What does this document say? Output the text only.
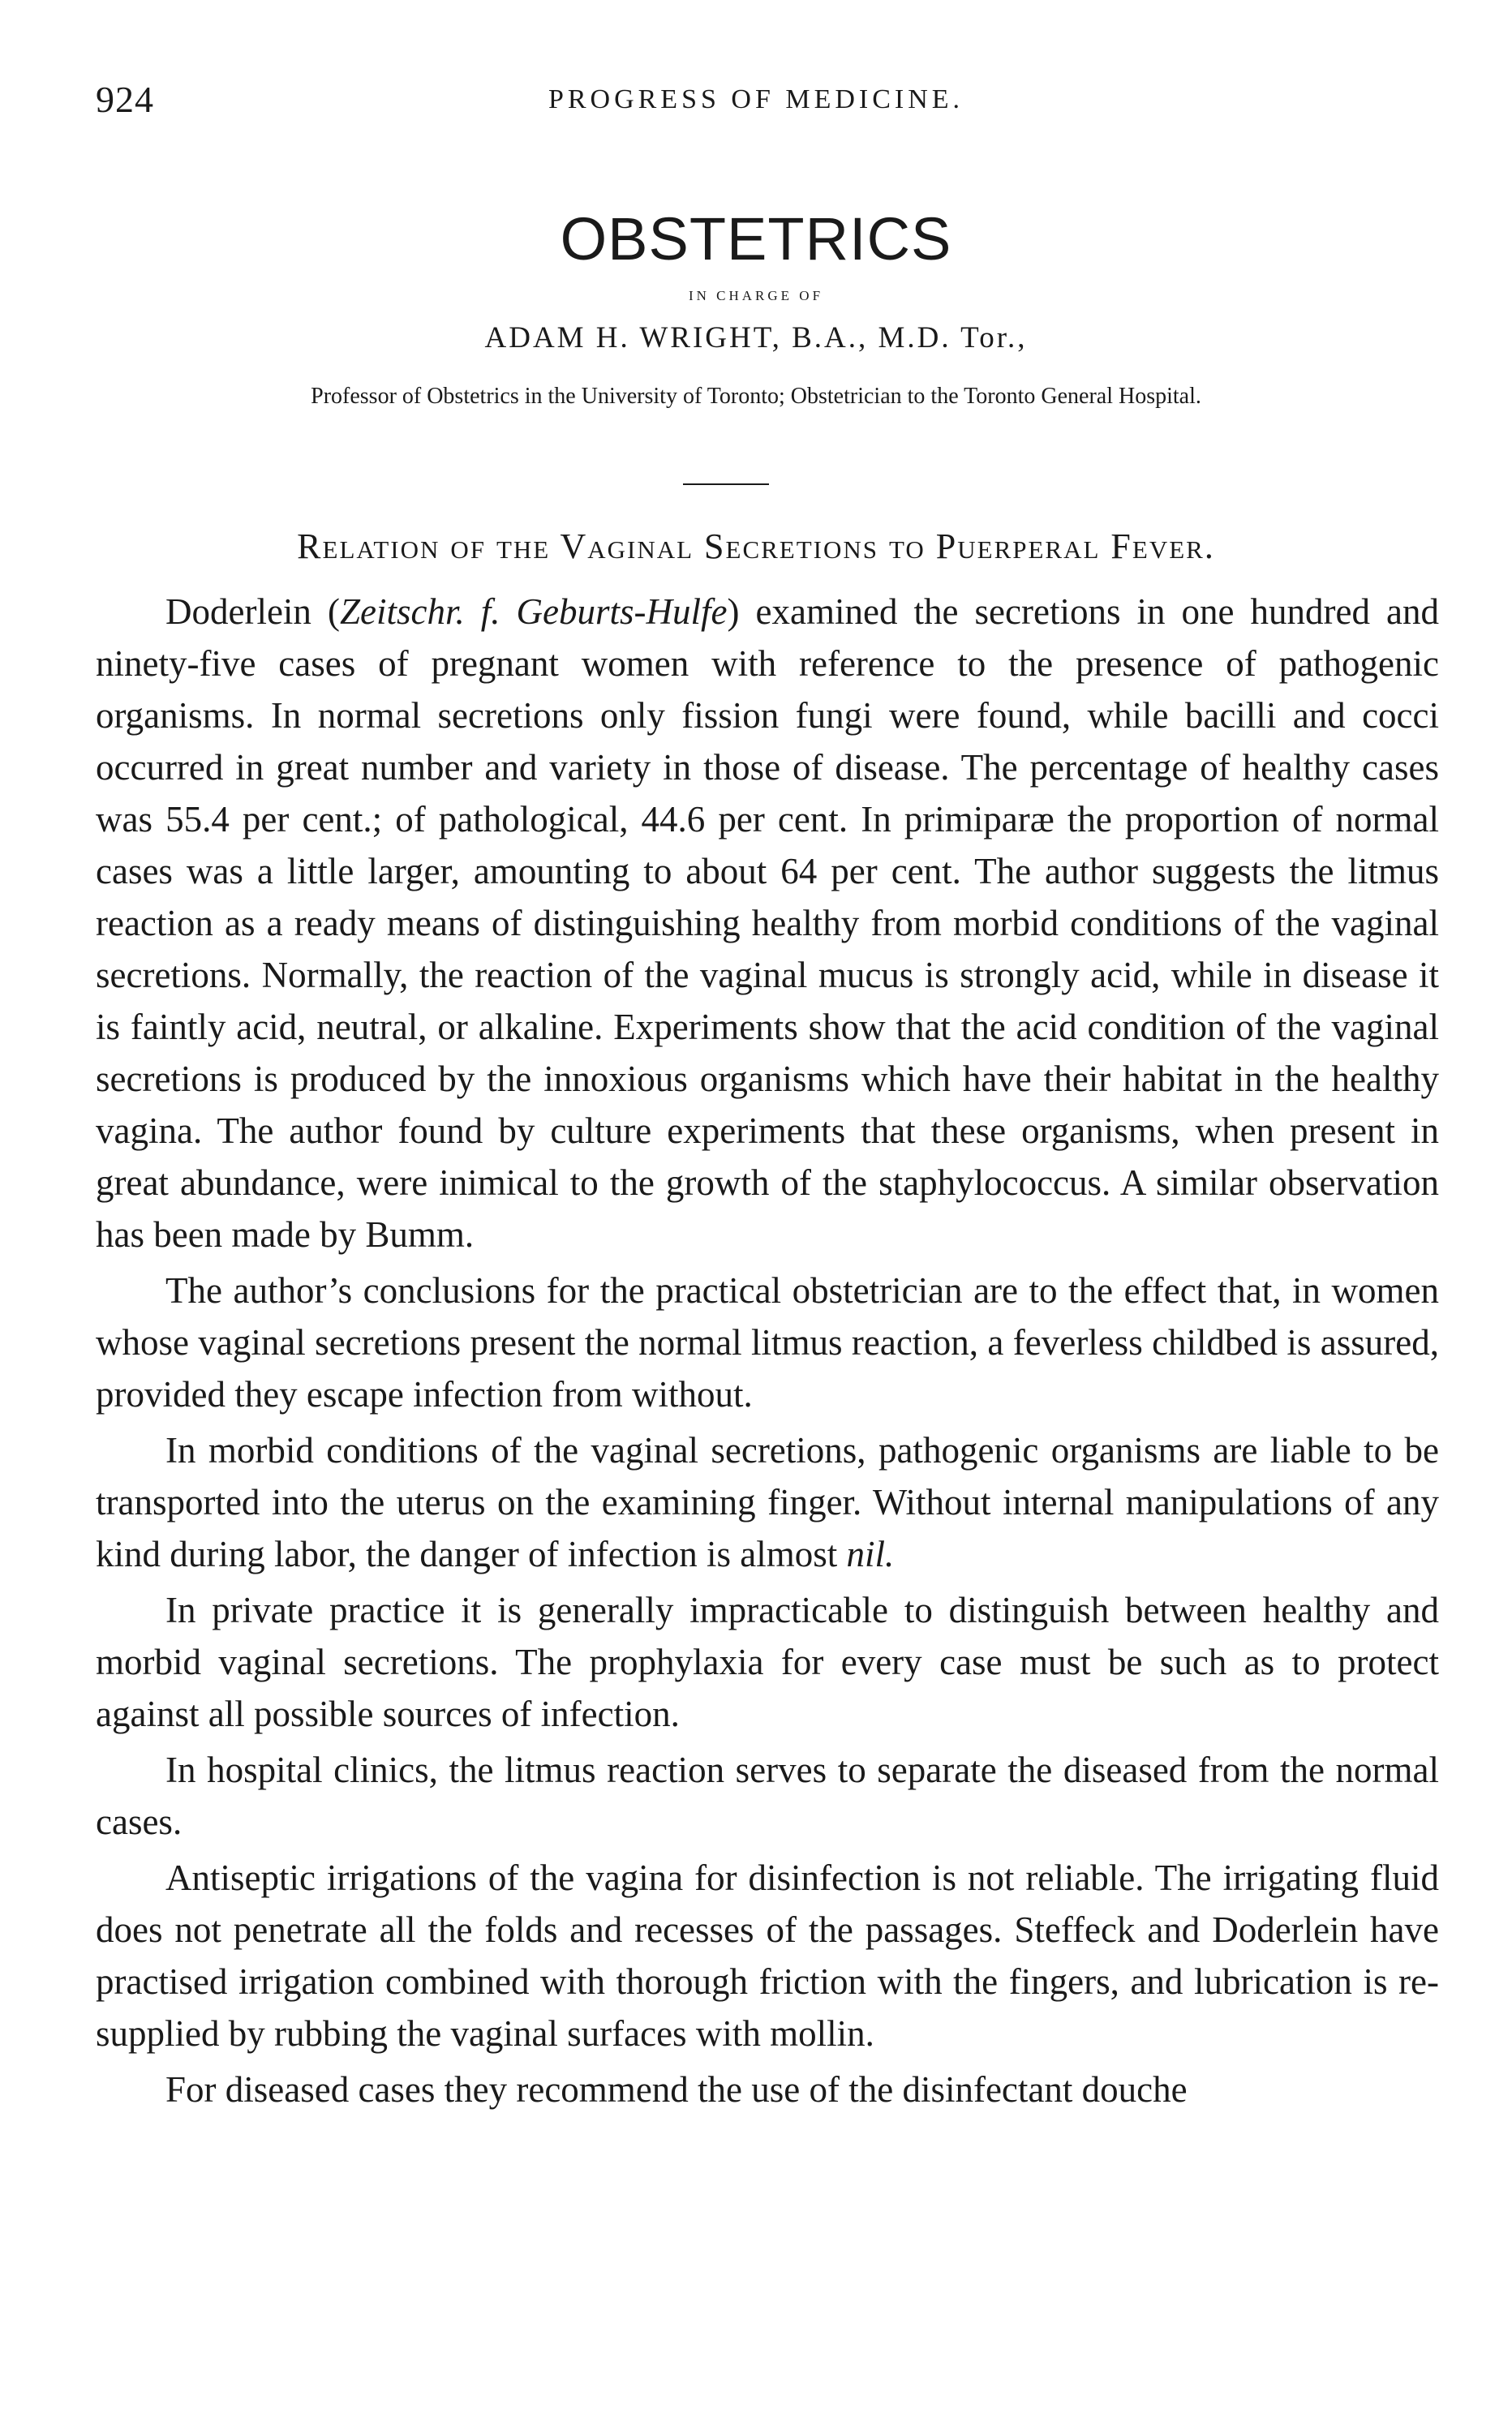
924	PROGRESS OF MEDICINE.
OBSTETRICS
IN CHARGE OF
ADAM H. WRIGHT, B.A., M.D. Tor.,
Professor of Obstetrics in the University of Toronto; Obstetrician to the Toronto General Hospital.
Relation of the Vaginal Secretions to Puerperal Fever.

Doderlein (Zeitschr. f. Geburts-Hulfe) examined the secretions in one hundred and ninety-five cases of pregnant women with reference to the presence of pathogenic organisms. In normal secretions only fission fungi were found, while bacilli and cocci occurred in great number and variety in those of disease. The percentage of healthy cases was 55.4 per cent.; of pathological, 44.6 per cent. In primiparæ the proportion of normal cases was a little larger, amounting to about 64 per cent. The author suggests the litmus reaction as a ready means of distinguishing healthy from morbid conditions of the vaginal secretions. Normally, the reaction of the vaginal mucus is strongly acid, while in disease it is faintly acid, neutral, or alkaline. Experiments show that the acid condition of the vaginal secretions is produced by the innoxious organisms which have their habitat in the healthy vagina. The author found by culture experiments that these organisms, when present in great abundance, were inimical to the growth of the staphylococcus. A similar observation has been made by Bumm.

The author’s conclusions for the practical obstetrician are to the effect that, in women whose vaginal secretions present the normal litmus reaction, a feverless childbed is assured, provided they escape infection from without.

In morbid conditions of the vaginal secretions, pathogenic organisms are liable to be transported into the uterus on the examining finger. Without internal manipulations of any kind during labor, the danger of infection is almost nil.

In private practice it is generally impracticable to distinguish between healthy and morbid vaginal secretions. The prophylaxia for every case must be such as to protect against all possible sources of infection.

In hospital clinics, the litmus reaction serves to separate the diseased from the normal cases.

Antiseptic irrigations of the vagina for disinfection is not reliable. The irrigating fluid does not penetrate all the folds and recesses of the passages. Steffeck and Doderlein have practised irrigation combined with thorough friction with the fingers, and lubrication is re-supplied by rubbing the vaginal surfaces with mollin.

For diseased cases they recommend the use of the disinfectant douche
